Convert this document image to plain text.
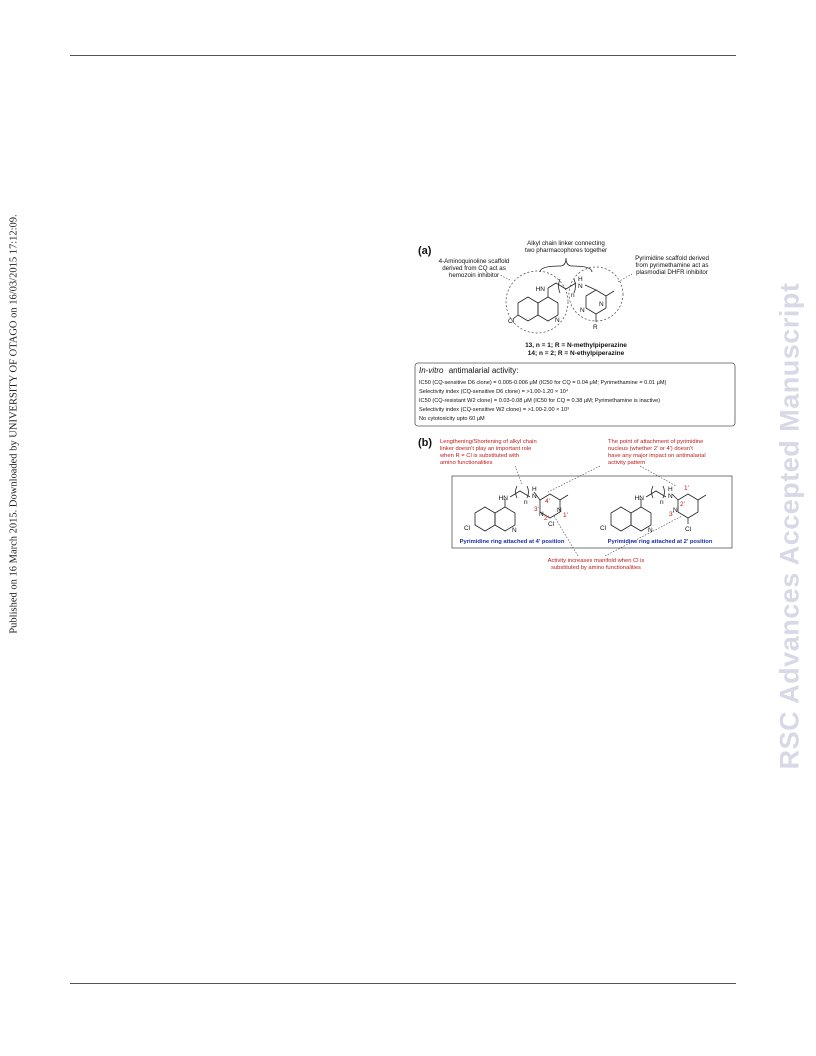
Published on 16 March 2015. Downloaded by UNIVERSITY OF OTAGO on 16/03/2015 17:12:09.	RSC Advances Accepted Manuscript
(a)
Alkyl chain linker connecting
two pharmacophores together
4-Aminoquinoline scaffold
derived from CQ act as
hemozoin inhibitor
Pyrimidine scaffold derived
from pyrimethamine act as
plasmodial DHFR inhibitor
HN
N
Cl
n
H
N
N
N
R
13, n = 1; R = N-methylpiperazine
14; n = 2; R = N-ethylpiperazine
In-vitro antimalarial activity:
IC50 (CQ-sensitive D6 clone) = 0.005-0.006 μM (IC50 for CQ = 0.04 μM; Pyrimethamine = 0.01 μM)
Selectivity index (CQ-sensitive D6 clone) = >1.00-1.20 × 10⁴
IC50 (CQ-resistant W2 clone) = 0.03-0.08 μM (IC50 for CQ = 0.38 μM; Pyrimethamine is inactive)
Selectivity index (CQ-sensitive W2 clone) = >1.00-2.00 × 10³
No cytotoxicity upto 60 μM
(b) Lengthening/Shortening of alkyl chain
linker doesn't play an important role
when R = Cl is substituted with
amino functionalities
The point of attachment of pyrimidine
nucleus (whether 2' or 4') doesn't
have any major impact on antimalarial
activity pattern
HN
n
H
N
N
Cl
N
N
Cl
4'
3'
2' 1'
HN
n
H
N
N
Cl
N
Cl
1'
2'
3'
Pyrimidine ring attached at 4' position	Pyrimidine ring attached at 2' position
Activity increases manifold when Cl is
substituted by amino functionalities
